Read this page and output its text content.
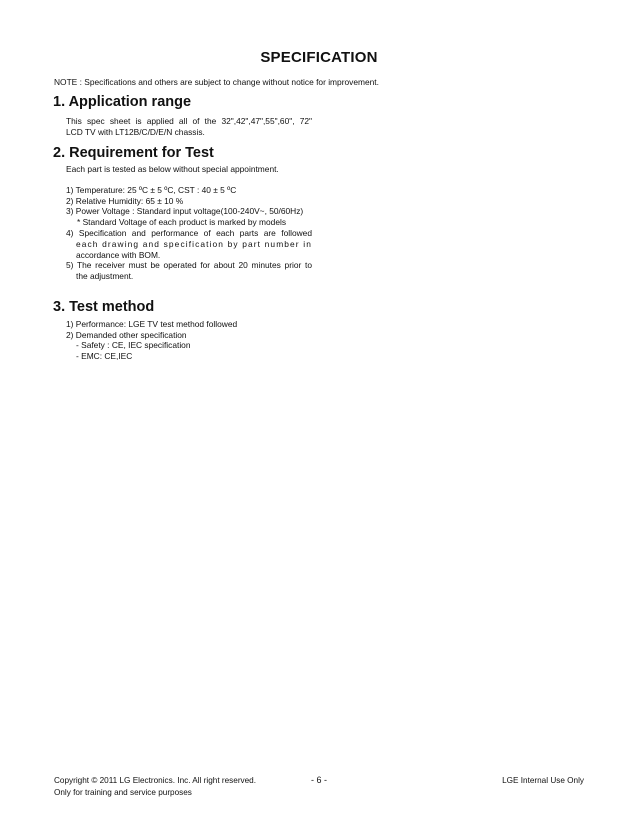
SPECIFICATION
NOTE : Specifications and others are subject to change without notice for improvement.
1. Application range
This spec sheet is applied all of the 32",42",47",55",60", 72"
LCD TV with LT12B/C/D/E/N chassis.
2. Requirement for Test
Each part is tested as below without special appointment.
1) Temperature: 25 ºC ± 5 ºC, CST : 40 ± 5 ºC
2) Relative Humidity: 65 ± 10 %
3) Power Voltage : Standard input voltage(100-240V~, 50/60Hz)
* Standard Voltage of each product is marked by models
4) Specification and performance of each parts are followed
each drawing and specification by part number in
accordance with BOM.
5) The receiver must be operated for about 20 minutes prior to
the adjustment.
3. Test method
1) Performance: LGE TV test method followed
2) Demanded other specification
- Safety : CE, IEC specification
- EMC: CE,IEC
Copyright © 2011 LG Electronics. Inc. All right reserved.
Only for training and service purposes
- 6 -	LGE Internal Use Only
